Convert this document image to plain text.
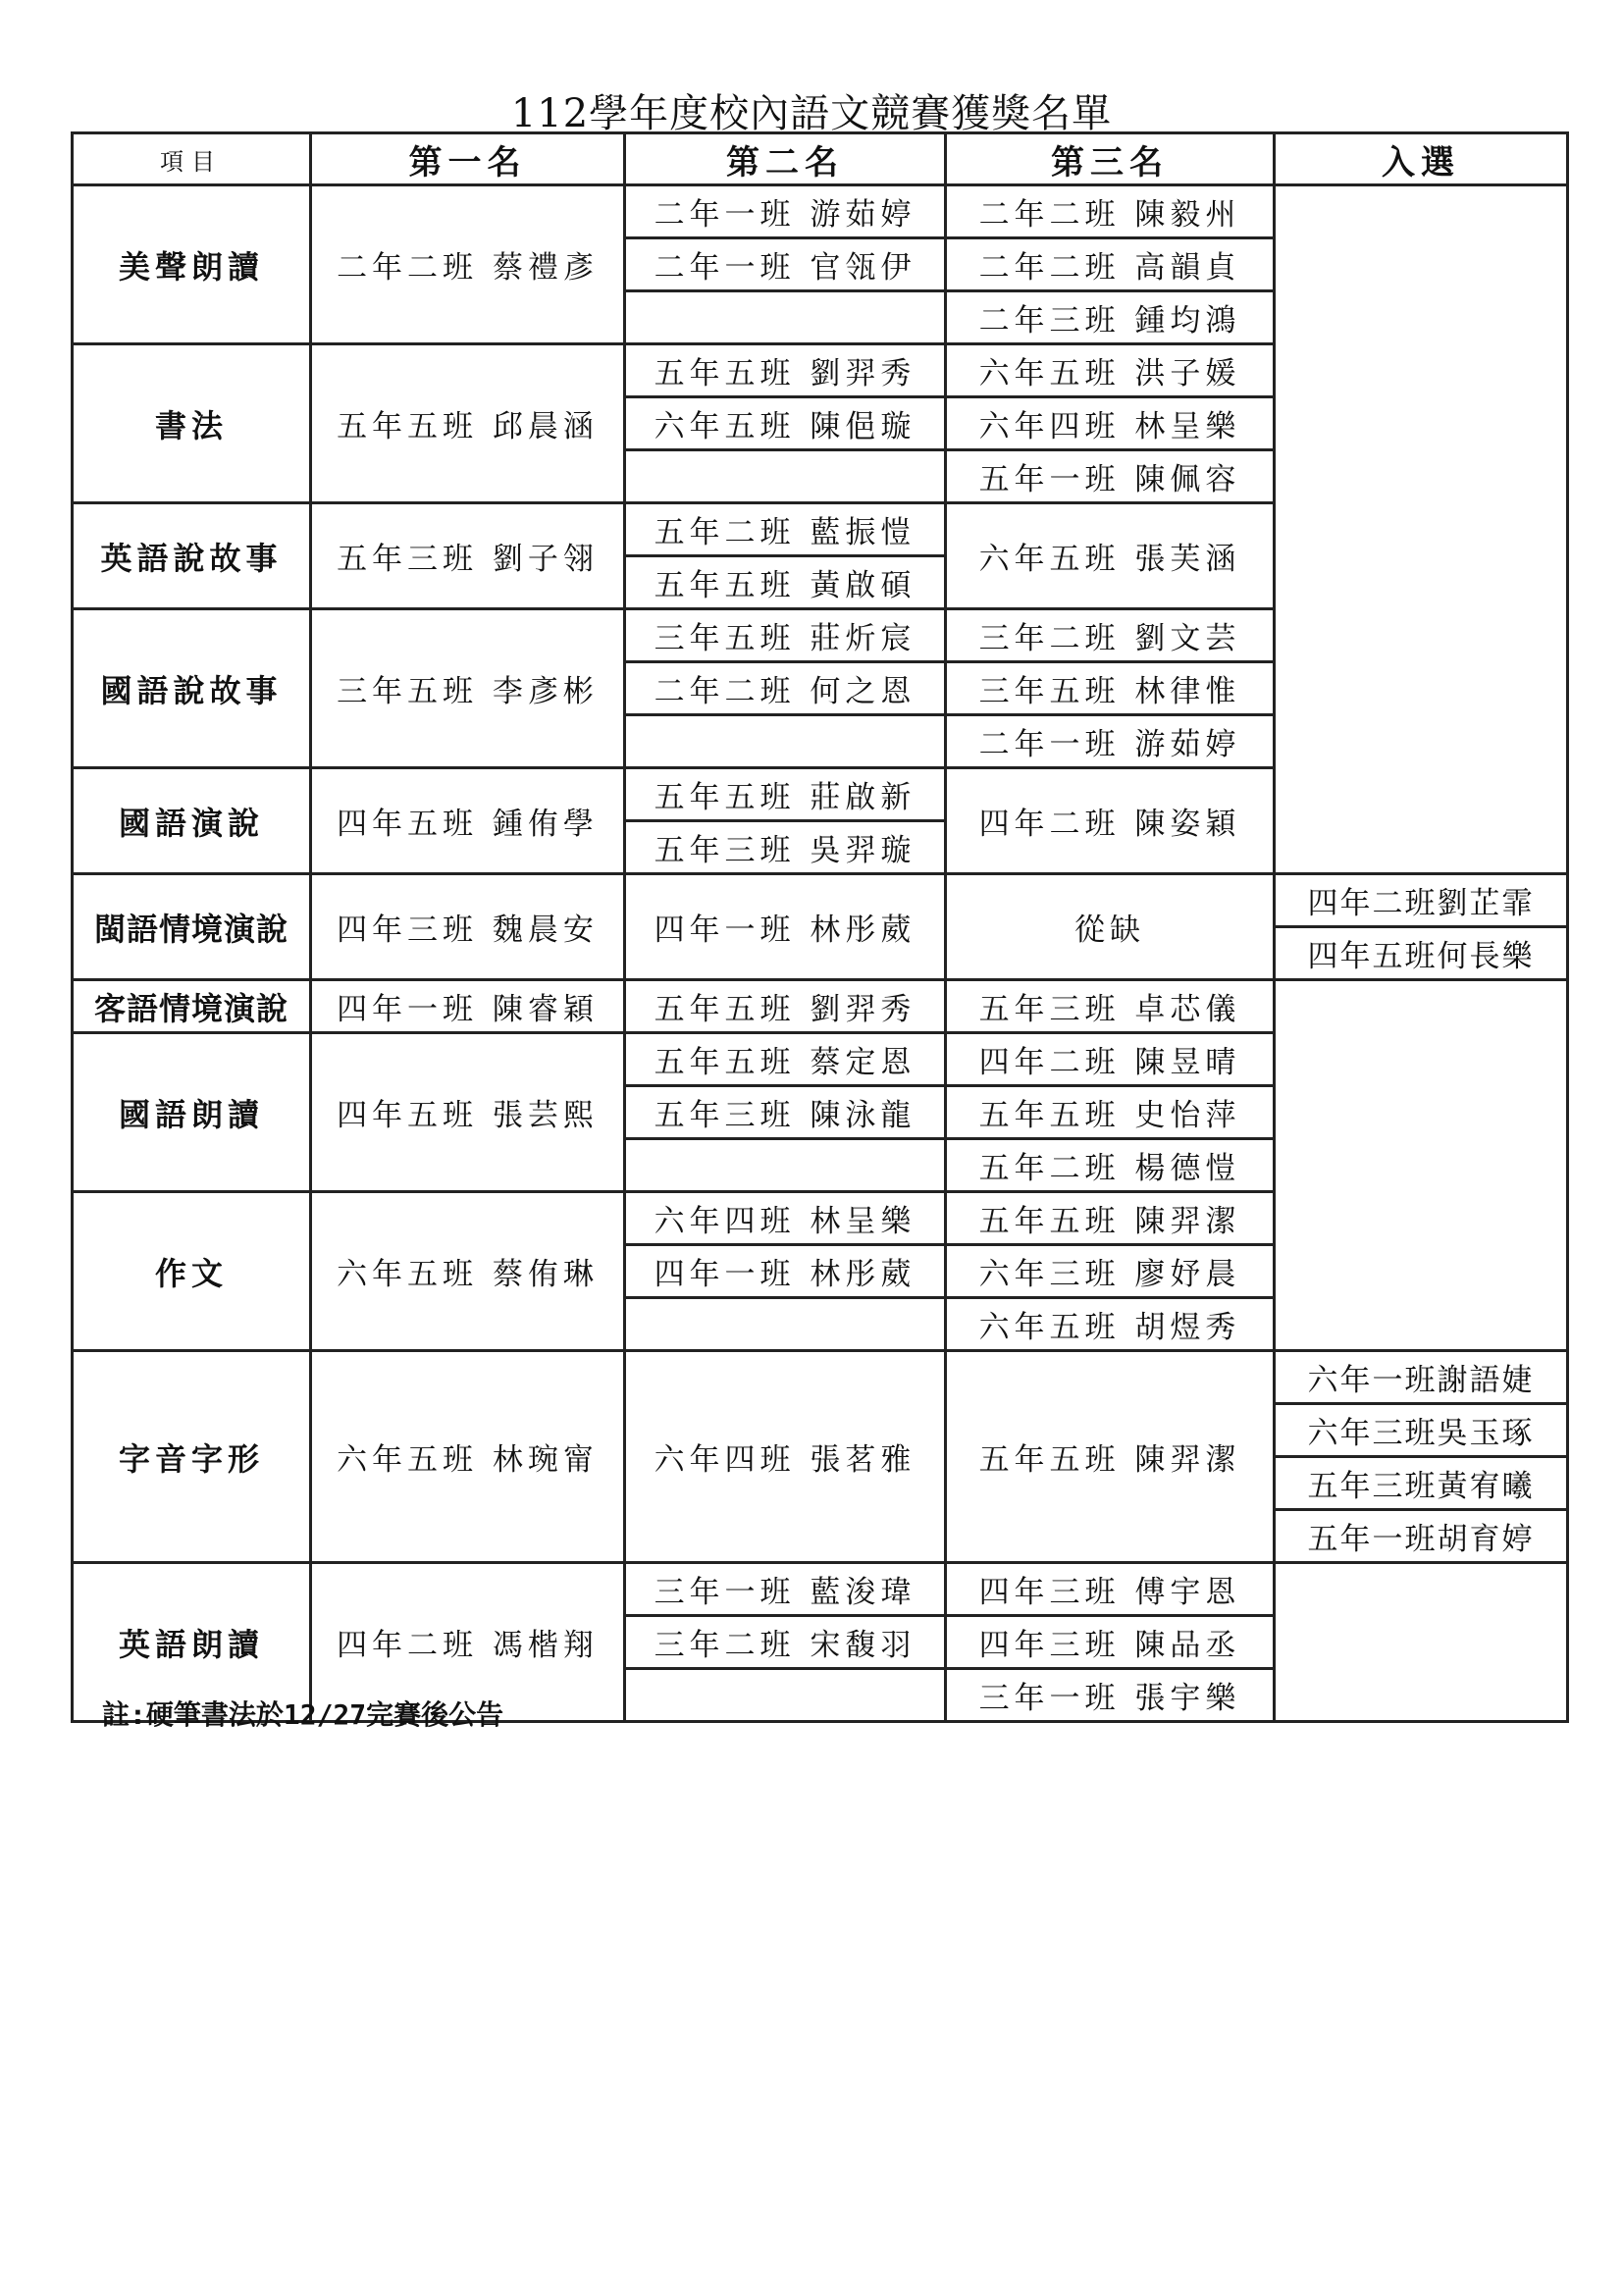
112學年度校內語文競賽獲獎名單
項目	第一名	第二名	第三名	入選
美聲朗讀	二年二班 蔡禮彥	二年一班 游茹婷	二年二班 陳毅州	
		二年一班 官瓴伊	二年二班 高韻貞	
			二年三班 鍾均鴻	
書法	五年五班 邱晨涵	五年五班 劉羿秀	六年五班 洪子媛	
		六年五班 陳俋璇	六年四班 林呈樂	
			五年一班 陳佩容	
英語說故事	五年三班 劉子翎	五年二班 藍振愷	六年五班 張芙涵	
		五年五班 黃啟碩		
國語說故事	三年五班 李彥彬	三年五班 莊炘宸	三年二班 劉文芸	
		二年二班 何之恩	三年五班 林律惟	
			二年一班 游茹婷	
國語演說	四年五班 鍾侑學	五年五班 莊啟新	四年二班 陳姿穎	
		五年三班 吳羿璇		
閩語情境演說	四年三班 魏晨安	四年一班 林彤葳	從缺	四年二班劉芷霏
				四年五班何長樂
客語情境演說	四年一班 陳睿穎	五年五班 劉羿秀	五年三班 卓芯儀	
國語朗讀	四年五班 張芸熙	五年五班 蔡定恩	四年二班 陳昱晴	
		五年三班 陳泳龍	五年五班 史怡萍	
			五年二班 楊德愷	
作文	六年五班 蔡侑琳	六年四班 林呈樂	五年五班 陳羿潔	
		四年一班 林彤葳	六年三班 廖妤晨	
			六年五班 胡煜秀	
字音字形	六年五班 林琬甯	六年四班 張茗雅	五年五班 陳羿潔	六年一班謝語婕
				六年三班吳玉琢
				五年三班黃宥曦
				五年一班胡育婷
英語朗讀	四年二班 馮楷翔	三年一班 藍浚瑋	四年三班 傅宇恩	
		三年二班 宋馥羽	四年三班 陳品丞	
			三年一班 張宇樂	
註:硬筆書法於12/27完賽後公告
